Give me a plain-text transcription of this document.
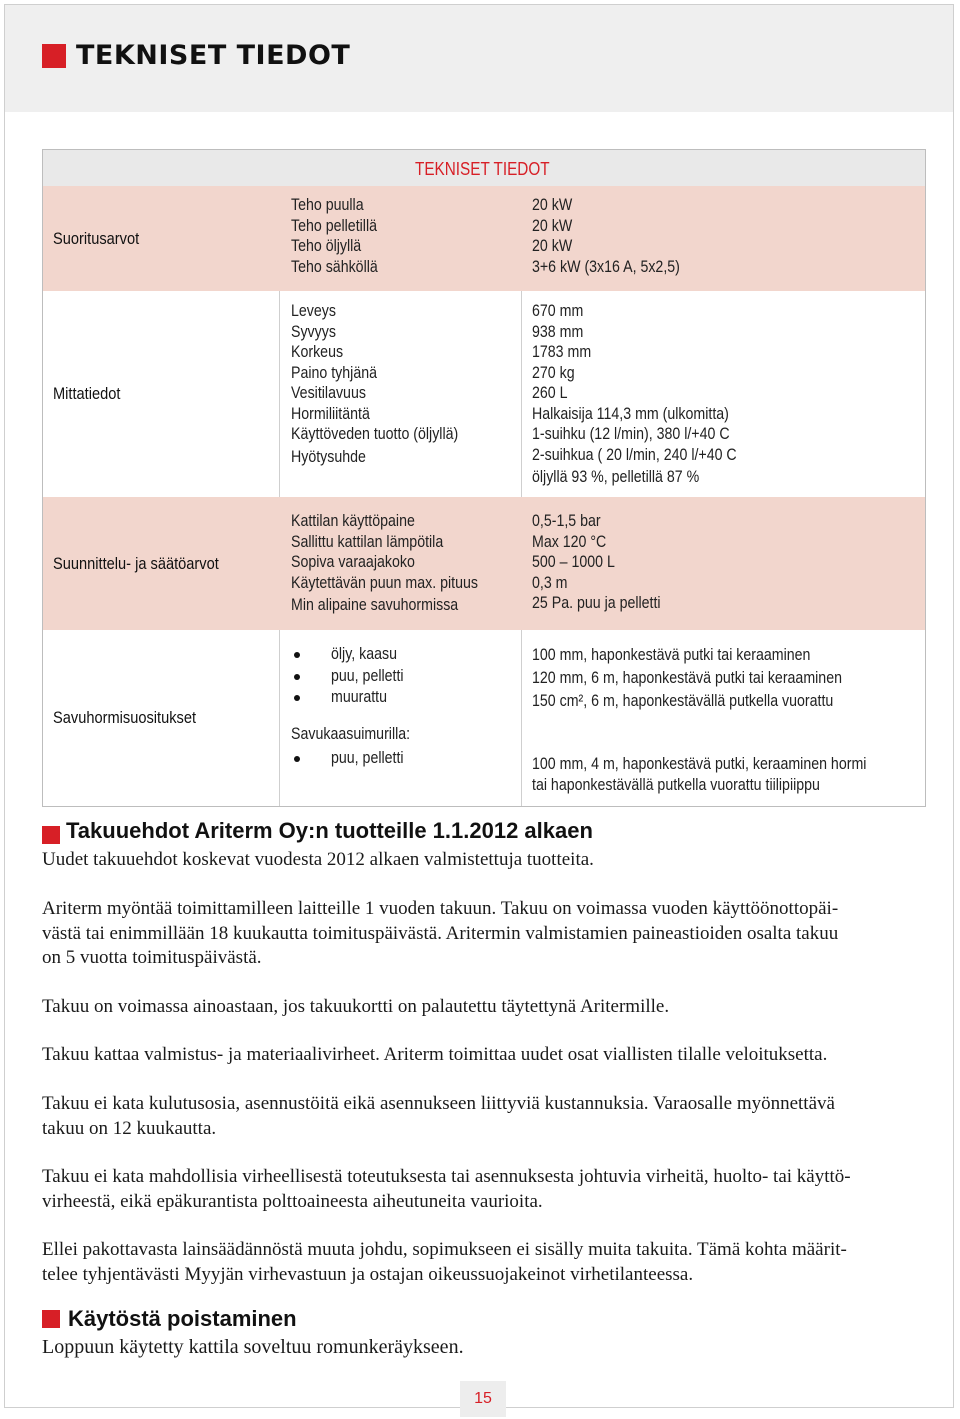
TEKNISET TIEDOT
TEKNISET TIEDOT
Suoritusarvot
Teho puulla
Teho pelletillä
Teho öljyllä
Teho sähköllä
20 kW
20 kW
20 kW
3+6 kW (3x16 A, 5x2,5)
Mittatiedot
Leveys
Syvyys
Korkeus
Paino tyhjänä
Vesitilavuus
Hormiliitäntä
Käyttöveden tuotto (öljyllä)
Hyötysuhde
670 mm
938 mm
1783 mm
270 kg
260 L
Halkaisija 114,3 mm (ulkomitta)
1-suihku (12 l/min), 380 l/+40 C
2-suihkua ( 20 l/min, 240 l/+40 C
öljyllä 93 %, pelletillä 87 %
Suunnittelu- ja säätöarvot
Kattilan käyttöpaine
Sallittu kattilan lämpötila
Sopiva varaajakoko
Käytettävän puun max. pituus
Min alipaine savuhormissa
0,5-1,5 bar
Max 120 °C
500 – 1000 L
0,3 m
25 Pa. puu ja pelletti
Savuhormisuositukset
öljy, kaasu
puu, pelletti
muurattu
Savukaasuimurilla:
puu, pelletti
100 mm, haponkestävä putki tai keraaminen
120 mm, 6 m, haponkestävä putki tai keraaminen
150 cm², 6 m, haponkestävällä putkella vuorattu
100 mm, 4 m, haponkestävä putki, keraaminen hormi
tai haponkestävällä putkella vuorattu tiilipiippu
Takuuehdot Ariterm Oy:n tuotteille 1.1.2012 alkaen

Uudet takuuehdot koskevat vuodesta 2012 alkaen valmistettuja tuotteita.

Ariterm myöntää toimittamilleen laitteille 1 vuoden takuun. Takuu on voimassa vuoden käyttöönottopäi-
västä tai enimmillään 18 kuukautta toimituspäivästä. Aritermin valmistamien paineastioiden osalta takuu
on 5 vuotta toimituspäivästä.
Takuu on voimassa ainoastaan, jos takuukortti on palautettu täytettynä Aritermille.
Takuu kattaa valmistus- ja materiaalivirheet. Ariterm toimittaa uudet osat viallisten tilalle veloituksetta.
Takuu ei kata kulutusosia, asennustöitä eikä asennukseen liittyviä kustannuksia. Varaosalle myönnettävä
takuu on 12 kuukautta.
Takuu ei kata mahdollisia virheellisestä toteutuksesta tai asennuksesta johtuvia virheitä, huolto- tai käyttö-
virheestä, eikä epäkurantista polttoaineesta aiheutuneita vaurioita.
Ellei pakottavasta lainsäädännöstä muuta johdu, sopimukseen ei sisälly muita takuita. Tämä kohta määrit-
telee tyhjentävästi Myyjän virhevastuun ja ostajan oikeussuojakeinot virhetilanteessa.
Käytöstä poistaminen

Loppuun käytetty kattila soveltuu romunkeräykseen.

15
